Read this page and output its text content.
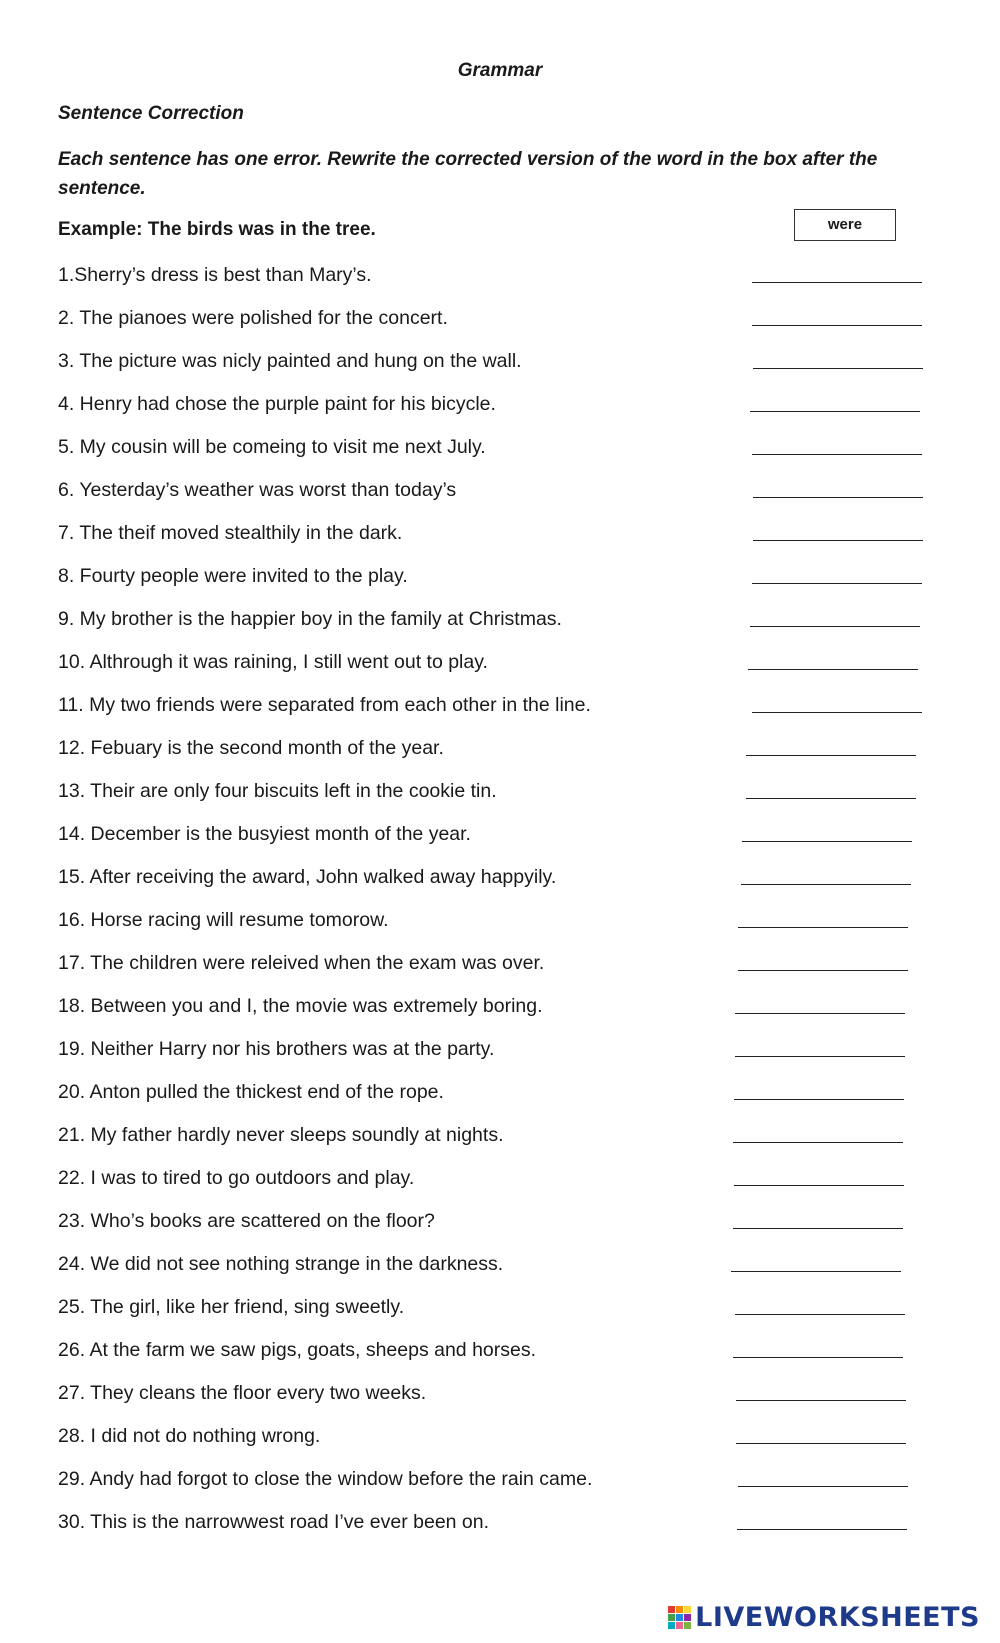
Grammar
Sentence Correction
Each sentence has one error. Rewrite the corrected version of the word in the box after the sentence.
Example: The birds was in the tree.	were
1.Sherry’s dress is best than Mary’s.
2. The pianoes were polished for the concert.
3. The picture was nicly painted and hung on the wall.
4. Henry had chose the purple paint for his bicycle.
5. My cousin will be comeing to visit me next July.
6. Yesterday’s weather was worst than today’s
7. The theif moved stealthily in the dark.
8. Fourty people were invited to the play.
9. My brother is the happier boy in the family at Christmas.
10. Althrough it was raining, I still went out to play.
11. My two friends were separated from each other in the line.
12. Febuary is the second month of the year.
13. Their are only four biscuits left in the cookie tin.
14. December is the busyiest month of the year.
15. After receiving the award, John walked away happyily.
16. Horse racing will resume tomorow.
17. The children were releived when the exam was over.
18. Between you and I, the movie was extremely boring.
19. Neither Harry nor his brothers was at the party.
20. Anton pulled the thickest end of the rope.
21. My father hardly never sleeps soundly at nights.
22. I was to tired to go outdoors and play.
23. Who’s books are scattered on the floor?
24. We did not see nothing strange in the darkness.
25. The girl, like her friend, sing sweetly.
26. At the farm we saw pigs, goats, sheeps and horses.
27. They cleans the floor every two weeks.
28. I did not do nothing wrong.
29. Andy had forgot to close the window before the rain came.
30. This is the narrowwest road I’ve ever been on.
LIVEWORKSHEETS
